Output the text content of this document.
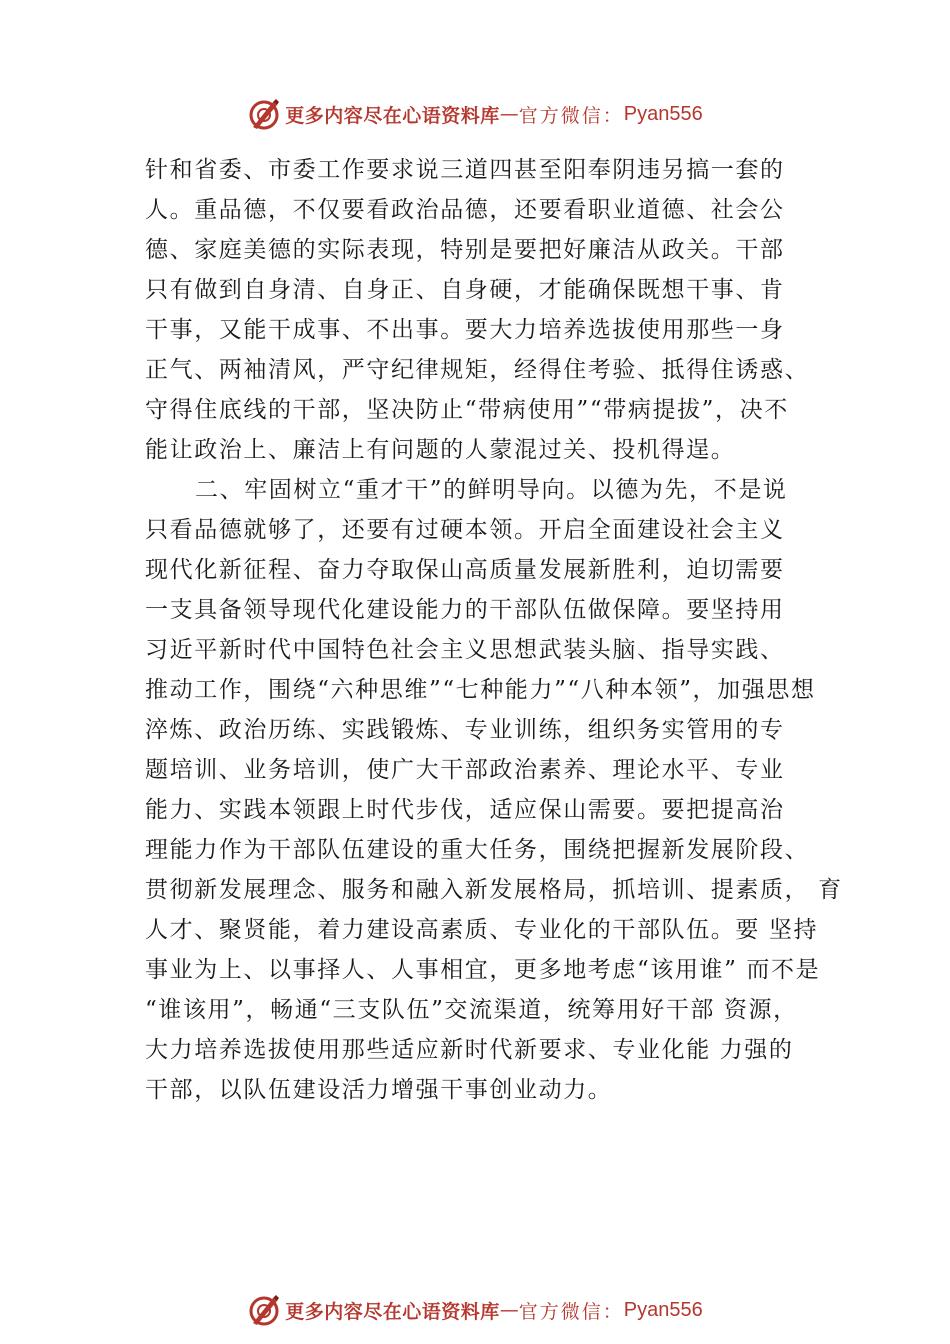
更多内容尽在心语资料库 — 官方微信： Pyan556
针和省委、市委工作要求说三道四甚至阳奉阴违另搞一套的
人。重品德，不仅要看政治品德，还要看职业道德、社会公
德、家庭美德的实际表现，特别是要把好廉洁从政关。干部
只有做到自身清、自身正、自身硬，才能确保既想干事、肯
干事，又能干成事、不出事。要大力培养选拔使用那些一身
正气、两袖清风，严守纪律规矩，经得住考验、抵得住诱惑、
守得住底线的干部，坚决防止“带病使用”“带病提拔”，决不
能让政治上、廉洁上有问题的人蒙混过关、投机得逞。
二、牢固树立“重才干”的鲜明导向。以德为先，不是说
只看品德就够了，还要有过硬本领。开启全面建设社会主义
现代化新征程、奋力夺取保山高质量发展新胜利，迫切需要
一支具备领导现代化建设能力的干部队伍做保障。要坚持用
习近平新时代中国特色社会主义思想武装头脑、指导实践、
推动工作，围绕“六种思维”“七种能力”“八种本领”，加强思想
淬炼、政治历练、实践锻炼、专业训练，组织务实管用的专
题培训、业务培训，使广大干部政治素养、理论水平、专业
能力、实践本领跟上时代步伐，适应保山需要。要把提高治
理能力作为干部队伍建设的重大任务，围绕把握新发展阶段、
贯彻新发展理念、服务和融入新发展格局，抓培训、提素质， 育
人才、聚贤能，着力建设高素质、专业化的干部队伍。要 坚持
事业为上、以事择人、人事相宜，更多地考虑“该用谁” 而不是
“谁该用”，畅通“三支队伍”交流渠道，统筹用好干部 资源，
大力培养选拔使用那些适应新时代新要求、专业化能 力强的
干部，以队伍建设活力增强干事创业动力。
更多内容尽在心语资料库 — 官方微信： Pyan556
